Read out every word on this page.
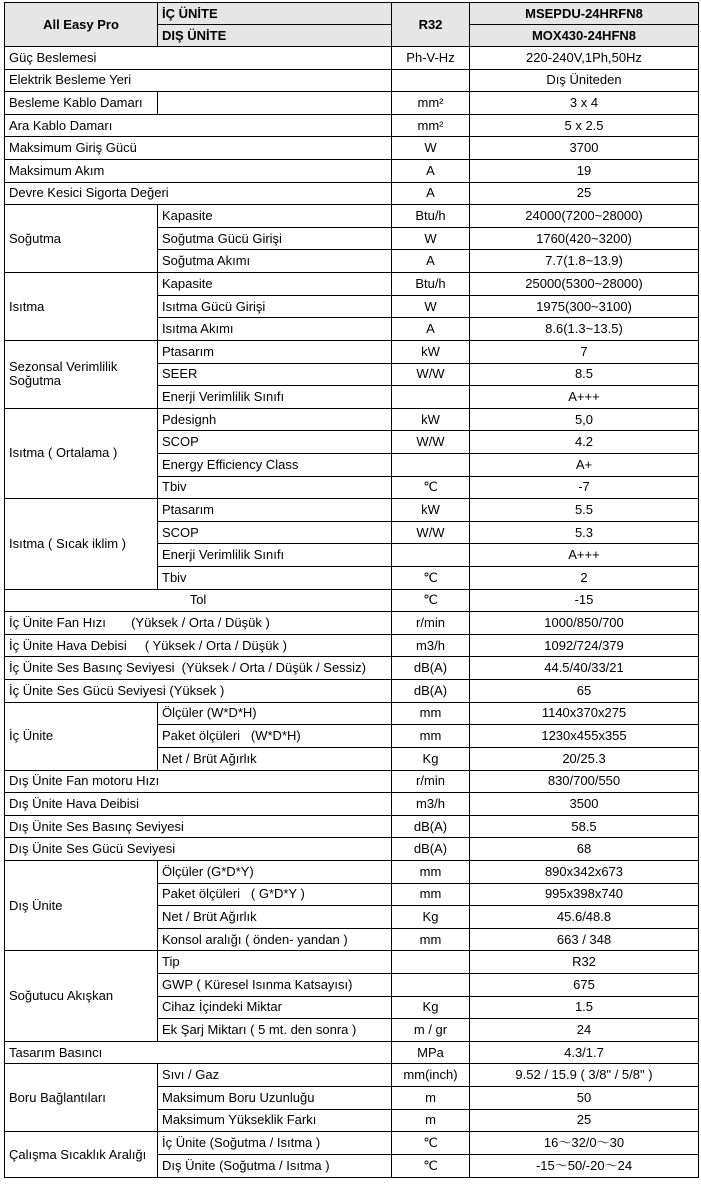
All Easy Pro	İÇ ÜNİTE	R32	MSEPDU-24HRFN8
	DIŞ ÜNİTE		MOX430-24HFN8
Güç Beslemesi		Ph-V-Hz	220-240V,1Ph,50Hz
Elektrik Besleme Yeri			Dış Üniteden
Besleme Kablo Damarı		mm²	3 x 4
Ara Kablo Damarı		mm²	5 x 2.5
Maksimum Giriş Gücü		W	3700
Maksimum Akım		A	19
Devre Kesici Sigorta Değeri		A	25
Soğutma	Kapasite	Btu/h	24000(7200~28000)
	Soğutma Gücü Girişi	W	1760(420~3200)
	Soğutma Akımı	A	7.7(1.8~13.9)
Isıtma	Kapasite	Btu/h	25000(5300~28000)
	Isıtma Gücü Girişi	W	1975(300~3100)
	Isıtma Akımı	A	8.6(1.3~13.5)
Sezonsal Verimlilik Soğutma	Ptasarım	kW	7
	SEER	W/W	8.5
	Enerji Verimlilik Sınıfı		A+++
Isıtma ( Ortalama )	Pdesignh	kW	5,0
	SCOP	W/W	4.2
	Energy Efficiency Class		A+
	Tbiv	℃	-7
Isıtma ( Sıcak iklim )	Ptasarım	kW	5.5
	SCOP	W/W	5.3
	Enerji Verimlilik Sınıfı		A+++
	Tbiv	℃	2
Tol		℃	-15
İç Ünite Fan Hızı       (Yüksek / Orta / Düşük )		r/min	1000/850/700
İç Ünite Hava Debisi     ( Yüksek / Orta / Düşük )		m3/h	1092/724/379
İç Ünite Ses Basınç Seviyesi  (Yüksek / Orta / Düşük / Sessiz)		dB(A)	44.5/40/33/21
İç Ünite Ses Gücü Seviyesi (Yüksek )		dB(A)	65
İç Ünite	Ölçüler (W*D*H)	mm	1140x370x275
	Paket ölçüleri   (W*D*H)	mm	1230x455x355
	Net / Brüt Ağırlık	Kg	20/25.3
Dış Ünite Fan motoru Hızı		r/min	830/700/550
Dış Ünite Hava Deibisi		m3/h	3500
Dış Ünite Ses Basınç Seviyesi		dB(A)	58.5
Dış Ünite Ses Gücü Seviyesi		dB(A)	68
Dış Ünite	Ölçüler (G*D*Y)	mm	890x342x673
	Paket ölçüleri   ( G*D*Y )	mm	995x398x740
	Net / Brüt Ağırlık	Kg	45.6/48.8
	Konsol aralığı ( önden- yandan )	mm	663 / 348
Soğutucu Akışkan	Tip		R32
	GWP ( Küresel Isınma Katsayısı)		675
	Cihaz İçindeki Miktar	Kg	1.5
	Ek Şarj Miktarı ( 5 mt. den sonra )	m / gr	24
Tasarım Basıncı		MPa	4.3/1.7
Boru Bağlantıları	Sıvı / Gaz	mm(inch)	9.52 / 15.9 ( 3/8" / 5/8" )
	Maksimum Boru Uzunluğu	m	50
	Maksimum Yükseklik Farkı	m	25
Çalışma Sıcaklık Aralığı	İç Ünite (Soğutma / Isıtma )	℃	16～32/0～30
	Dış Ünite (Soğutma / Isıtma )	℃	-15～50/-20～24
